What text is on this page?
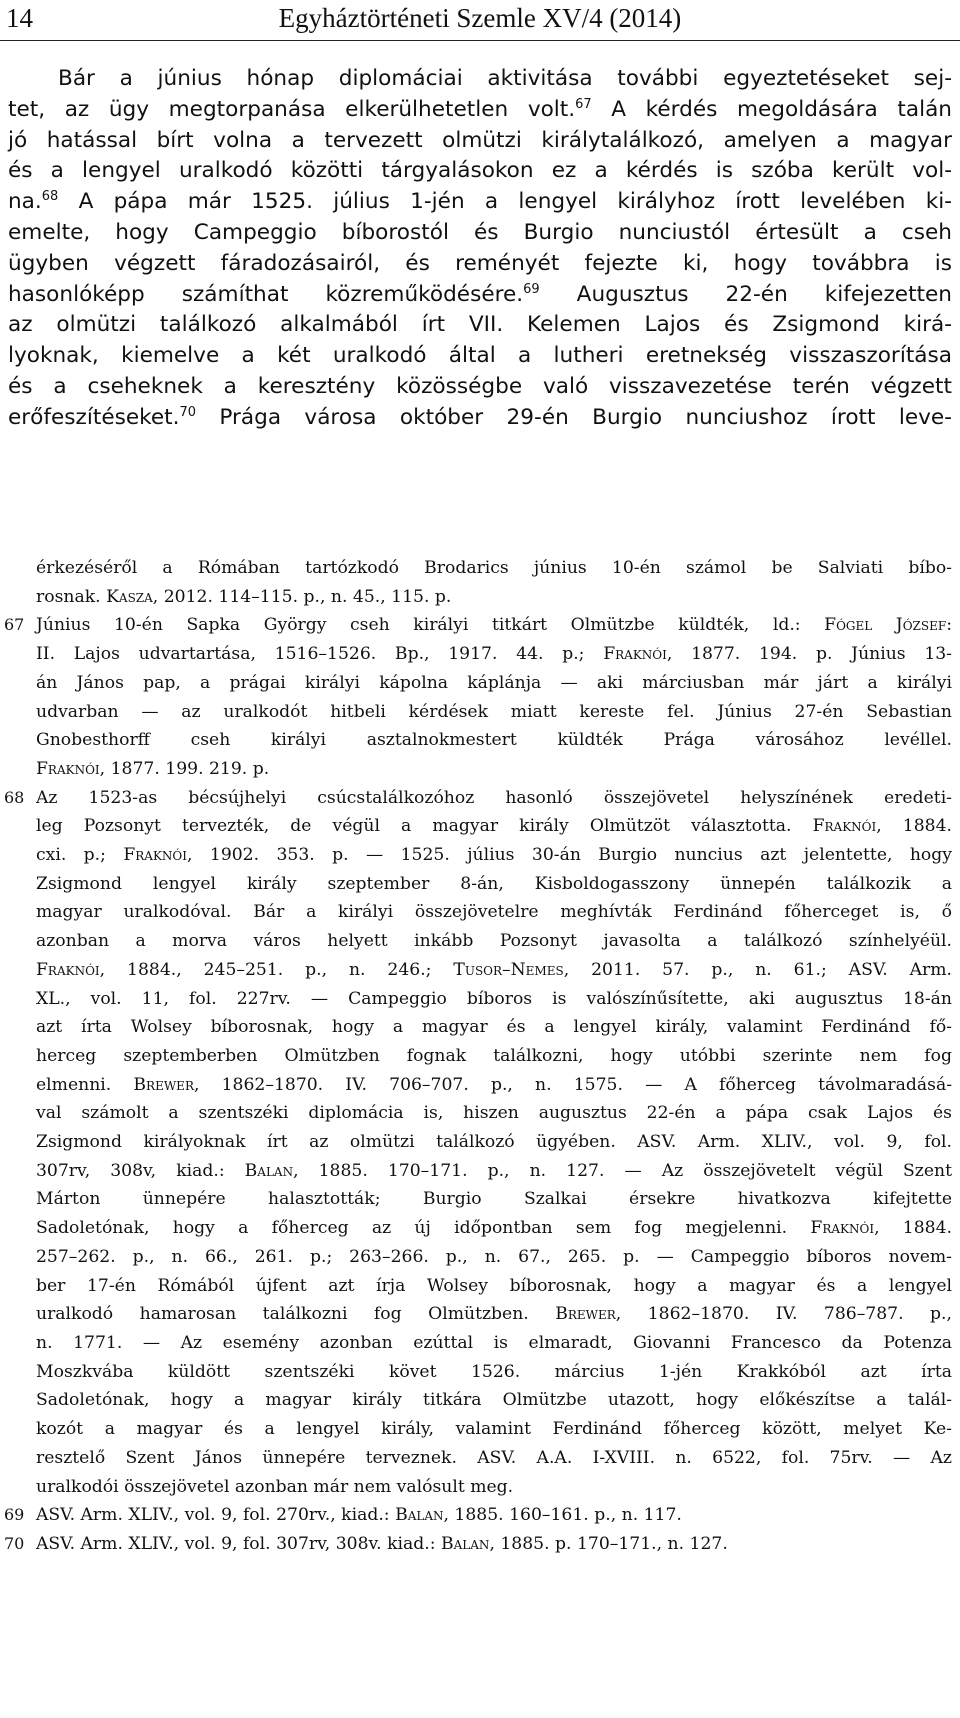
14	Egyháztörténeti Szemle XV/4 (2014)
Bár a június hónap diplomáciai aktivitása további egyeztetéseket sej-
tet, az ügy megtorpanása elkerülhetetlen volt.$^{67}$ A kérdés megoldására talán
jó hatással bírt volna a tervezett olmützi királytalálkozó, amelyen a magyar
és a lengyel uralkodó közötti tárgyalásokon ez a kérdés is szóba került vol-
na.$^{68}$ A pápa már 1525. július 1-jén a lengyel királyhoz írott levelében ki-
emelte, hogy Campeggio bíborostól és Burgio nunciustól értesült a cseh
ügyben végzett fáradozásairól, és reményét fejezte ki, hogy továbbra is
hasonlóképp számíthat közreműködésére.$^{69}$ Augusztus 22-én kifejezetten
az olmützi találkozó alkalmából írt VII. Kelemen Lajos és Zsigmond kirá-
lyoknak, kiemelve a két uralkodó által a lutheri eretnekség visszaszorítása
és a cseheknek a keresztény közösségbe való visszavezetése terén végzett
erőfeszítéseket.$^{70}$ Prága városa október 29-én Burgio nunciushoz írott leve-
érkezéséről a Rómában tartózkodó Brodarics június 10-én számol be Salviati bíbo-
rosnak. Kasza, 2012. 114–115. p., n. 45., 115. p.
67 Június 10-én Sapka György cseh királyi titkárt Olmützbe küldték, ld.: Fógel József:
II. Lajos udvartartása, 1516–1526. Bp., 1917. 44. p.; Fraknói, 1877. 194. p. Június 13-
án János pap, a prágai királyi kápolna káplánja — aki márciusban már járt a királyi
udvarban — az uralkodót hitbeli kérdések miatt kereste fel. Június 27-én Sebastian
Gnobesthorff cseh királyi asztalnokmestert küldték Prága városához levéllel.
Fraknói, 1877. 199. 219. p.
68 Az 1523-as bécsújhelyi csúcstalálkozóhoz hasonló összejövetel helyszínének eredeti-
leg Pozsonyt tervezték, de végül a magyar király Olmützöt választotta. Fraknói, 1884.
cxi. p.; Fraknói, 1902. 353. p. — 1525. július 30-án Burgio nuncius azt jelentette, hogy
Zsigmond lengyel király szeptember 8-án, Kisboldogasszony ünnepén találkozik a
magyar uralkodóval. Bár a királyi összejövetelre meghívták Ferdinánd főherceget is, ő
azonban a morva város helyett inkább Pozsonyt javasolta a találkozó színhelyéül.
Fraknói, 1884., 245–251. p., n. 246.; Tusor–Nemes, 2011. 57. p., n. 61.; ASV. Arm.
XL., vol. 11, fol. 227rv. — Campeggio bíboros is valószínűsítette, aki augusztus 18-án
azt írta Wolsey bíborosnak, hogy a magyar és a lengyel király, valamint Ferdinánd fő-
herceg szeptemberben Olmützben fognak találkozni, hogy utóbbi szerinte nem fog
elmenni. Brewer, 1862–1870. IV. 706–707. p., n. 1575. — A főherceg távolmaradásá-
val számolt a szentszéki diplomácia is, hiszen augusztus 22-én a pápa csak Lajos és
Zsigmond királyoknak írt az olmützi találkozó ügyében. ASV. Arm. XLIV., vol. 9, fol.
307rv, 308v, kiad.: Balan, 1885. 170–171. p., n. 127. — Az összejövetelt végül Szent
Márton ünnepére halasztották; Burgio Szalkai érsekre hivatkozva kifejtette
Sadoletónak, hogy a főherceg az új időpontban sem fog megjelenni. Fraknói, 1884.
257–262. p., n. 66., 261. p.; 263–266. p., n. 67., 265. p. — Campeggio bíboros novem-
ber 17-én Rómából újfent azt írja Wolsey bíborosnak, hogy a magyar és a lengyel
uralkodó hamarosan találkozni fog Olmützben. Brewer, 1862–1870. IV. 786–787. p.,
n. 1771. — Az esemény azonban ezúttal is elmaradt, Giovanni Francesco da Potenza
Moszkvába küldött szentszéki követ 1526. március 1-jén Krakkóból azt írta
Sadoletónak, hogy a magyar király titkára Olmützbe utazott, hogy előkészítse a talál-
kozót a magyar és a lengyel király, valamint Ferdinánd főherceg között, melyet Ke-
resztelő Szent János ünnepére terveznek. ASV. A.A. I-XVIII. n. 6522, fol. 75rv. — Az
uralkodói összejövetel azonban már nem valósult meg.
69 ASV. Arm. XLIV., vol. 9, fol. 270rv., kiad.: Balan, 1885. 160–161. p., n. 117.
70 ASV. Arm. XLIV., vol. 9, fol. 307rv, 308v. kiad.: Balan, 1885. p. 170–171., n. 127.
